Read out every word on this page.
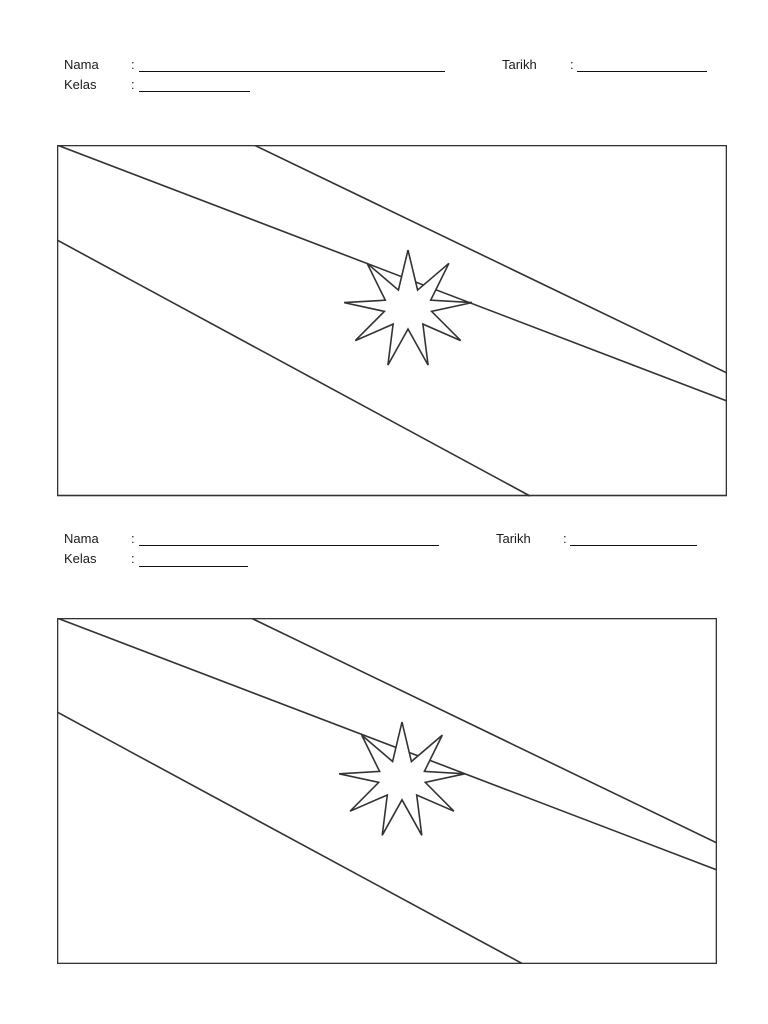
Nama :	Tarikh	:
Kelas	:
Nama :	Tarikh :
Kelas	:
